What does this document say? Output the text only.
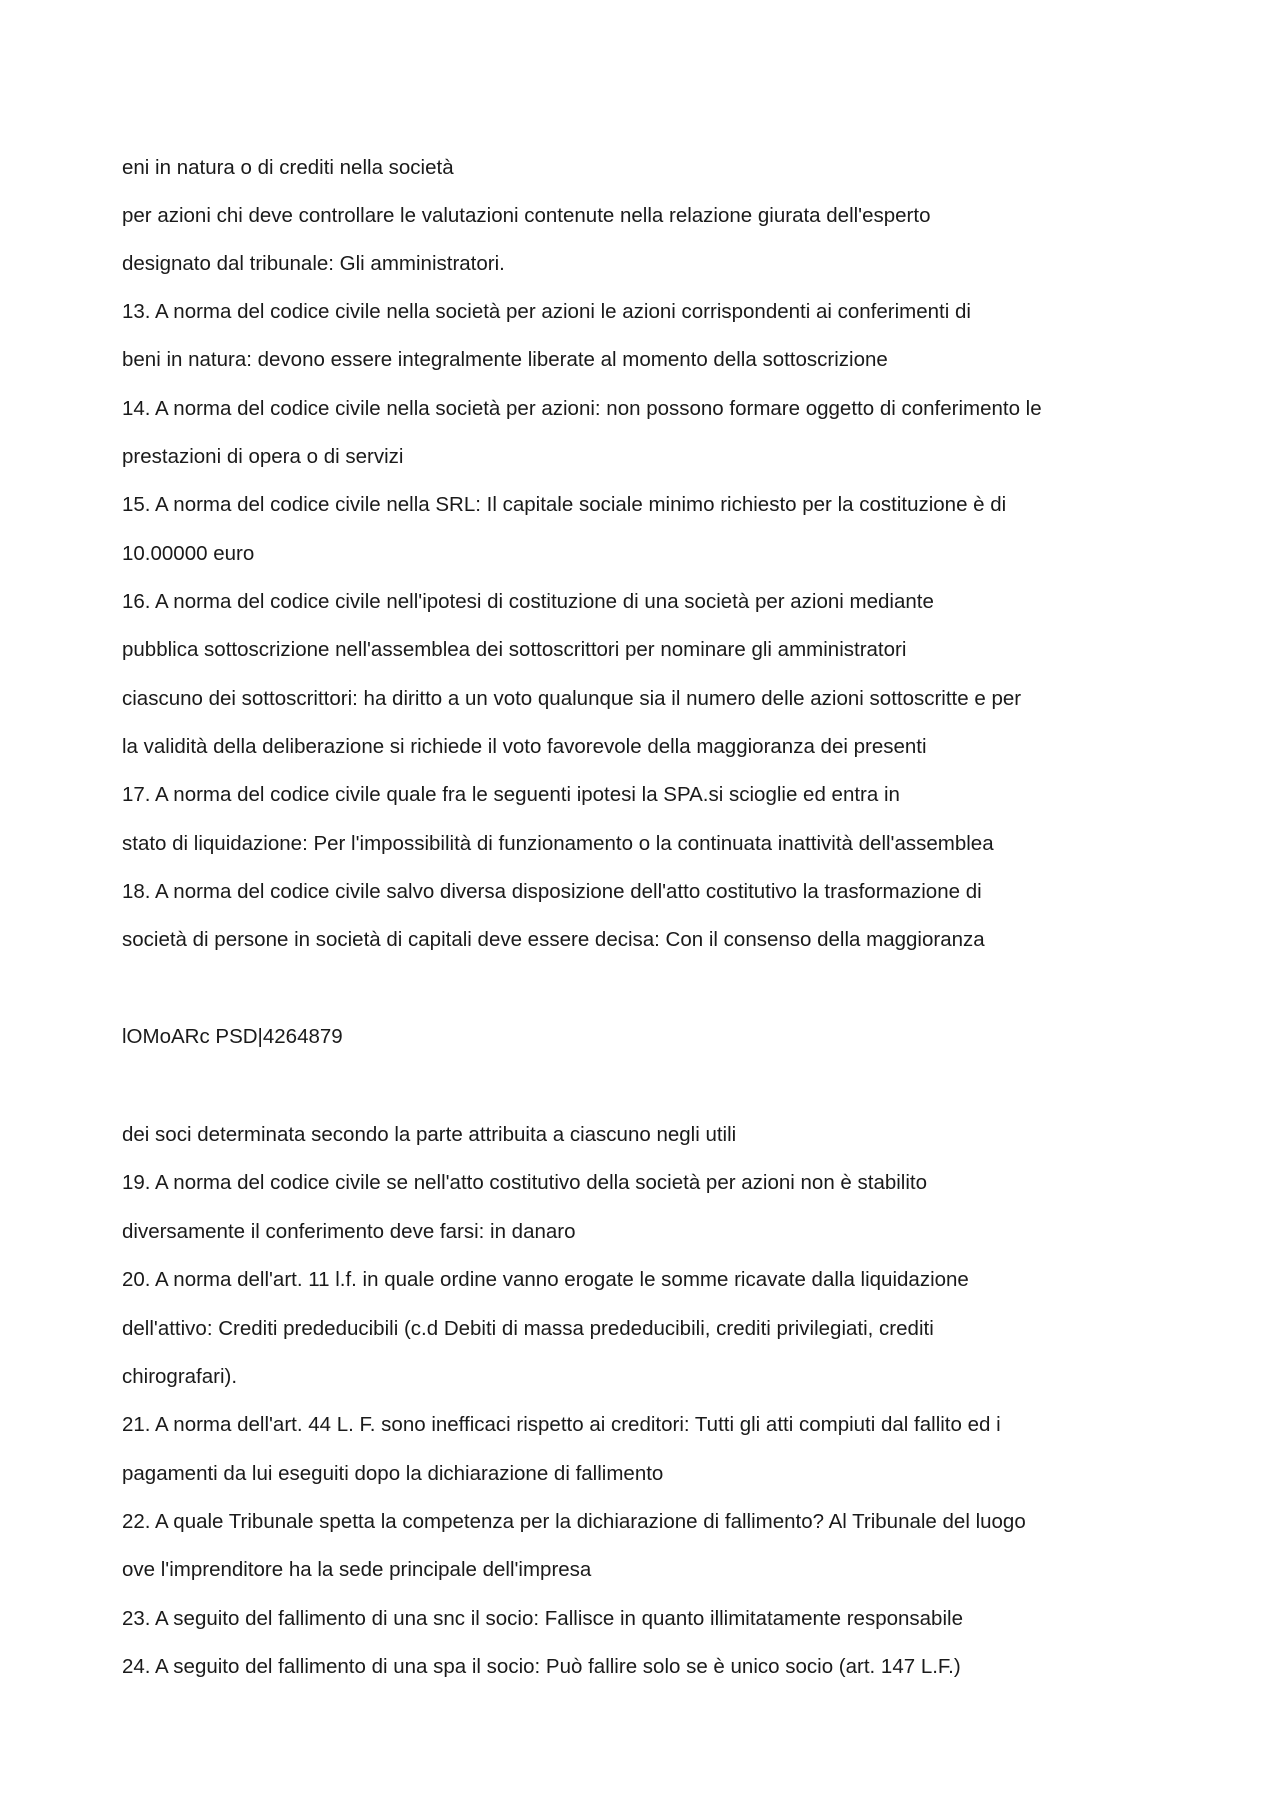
eni in natura o di crediti nella società
per azioni chi deve controllare le valutazioni contenute nella relazione giurata dell'esperto
designato dal tribunale: Gli amministratori.
13. A norma del codice civile nella società per azioni le azioni corrispondenti ai conferimenti di
beni in natura: devono essere integralmente liberate al momento della sottoscrizione
14. A norma del codice civile nella società per azioni: non possono formare oggetto di conferimento le
prestazioni di opera o di servizi
15. A norma del codice civile nella SRL: Il capitale sociale minimo richiesto per la costituzione è di
10.00000 euro
16. A norma del codice civile nell'ipotesi di costituzione di una società per azioni mediante
pubblica sottoscrizione nell'assemblea dei sottoscrittori per nominare gli amministratori
ciascuno dei sottoscrittori: ha diritto a un voto qualunque sia il numero delle azioni sottoscritte e per
la validità della deliberazione si richiede il voto favorevole della maggioranza dei presenti
17. A norma del codice civile quale fra le seguenti ipotesi la SPA.si scioglie ed entra in
stato di liquidazione: Per l'impossibilità di funzionamento o la continuata inattività dell'assemblea
18. A norma del codice civile salvo diversa disposizione dell'atto costitutivo la trasformazione di
società di persone in società di capitali deve essere decisa: Con il consenso della maggioranza
lOMoARc PSD|4264879
dei soci determinata secondo la parte attribuita a ciascuno negli utili
19. A norma del codice civile se nell'atto costitutivo della società per azioni non è stabilito
diversamente il conferimento deve farsi: in danaro
20. A norma dell'art. 11 l.f. in quale ordine vanno erogate le somme ricavate dalla liquidazione
dell'attivo: Crediti prededucibili (c.d Debiti di massa prededucibili, crediti privilegiati, crediti
chirografari).
21. A norma dell'art. 44 L. F. sono inefficaci rispetto ai creditori: Tutti gli atti compiuti dal fallito ed i
pagamenti da lui eseguiti dopo la dichiarazione di fallimento
22. A quale Tribunale spetta la competenza per la dichiarazione di fallimento? Al Tribunale del luogo
ove l'imprenditore ha la sede principale dell'impresa
23. A seguito del fallimento di una snc il socio: Fallisce in quanto illimitatamente responsabile
24. A seguito del fallimento di una spa il socio: Può fallire solo se è unico socio (art. 147 L.F.)
